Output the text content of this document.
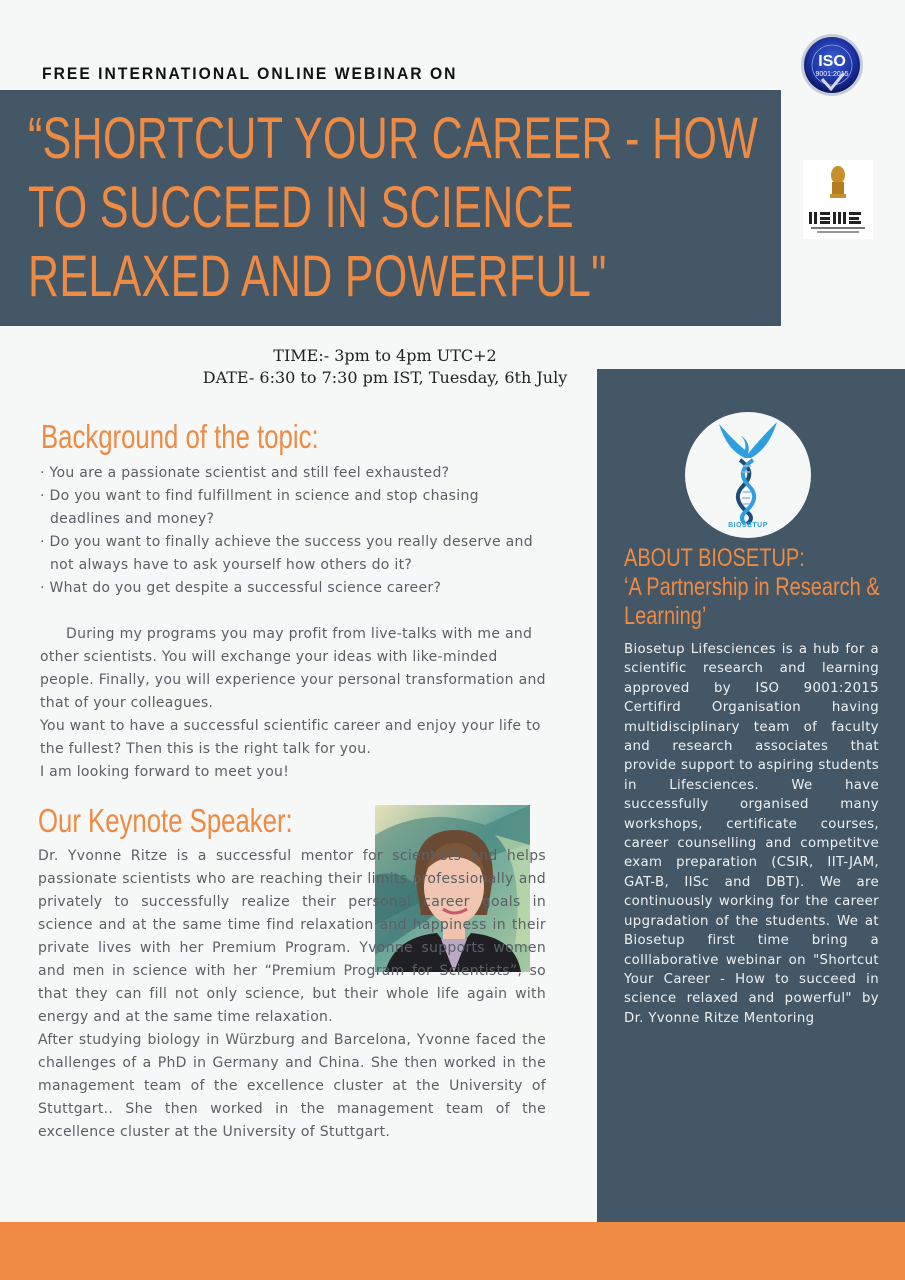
FREE INTERNATIONAL ONLINE WEBINAR ON
“SHORTCUT YOUR CAREER - HOW TO SUCCEED IN SCIENCE RELAXED AND POWERFUL"
ISO
9001:2015
TIME:- 3pm to 4pm UTC+2
DATE- 6:30 to 7:30 pm IST, Tuesday, 6th July
Background of the topic:
· You are a passionate scientist and still feel exhausted?
· Do you want to find fulfillment in science and stop chasing deadlines and money?
· Do you want to finally achieve the success you really deserve and not always have to ask yourself how others do it?
· What do you get despite a successful science career?

During my programs you may profit from live-talks with me and other scientists. You will exchange your ideas with like-minded people. Finally, you will experience your personal transformation and that of your colleagues.

You want to have a successful scientific career and enjoy your life to the fullest? Then this is the right talk for you.

I am looking forward to meet you!

Our Keynote Speaker:

Dr. Yvonne Ritze is a successful mentor for scientists and helps passionate scientists who are reaching their limits professionally and privately to successfully realize their personal career goals in science and at the same time find relaxation and happiness in their private lives with her Premium Program. Yvonne supports women and men in science with her “Premium Program for Scientists”, so that they can fill not only science, but their whole life again with energy and at the same time relaxation.

After studying biology in Würzburg and Barcelona, Yvonne faced the challenges of a PhD in Germany and China. She then worked in the management team of the excellence cluster at the University of Stuttgart.. She then worked in the management team of the excellence cluster at the University of Stuttgart.

BIOSETUP
ABOUT BIOSETUP:
‘A Partnership in Research & Learning’
Biosetup Lifesciences is a hub for a scientific research and learning approved by ISO 9001:2015 Certifird Organisation having multidisciplinary team of faculty and research associates that provide support to aspiring students in Lifesciences. We have successfully organised many workshops, certificate courses, career counselling and competitve exam preparation (CSIR, IIT-JAM, GAT-B, IISc and DBT). We are continuously working for the career upgradation of the students. We at Biosetup first time bring a colllaborative webinar on "Shortcut Your Career - How to succeed in science relaxed and powerful" by Dr. Yvonne Ritze Mentoring
